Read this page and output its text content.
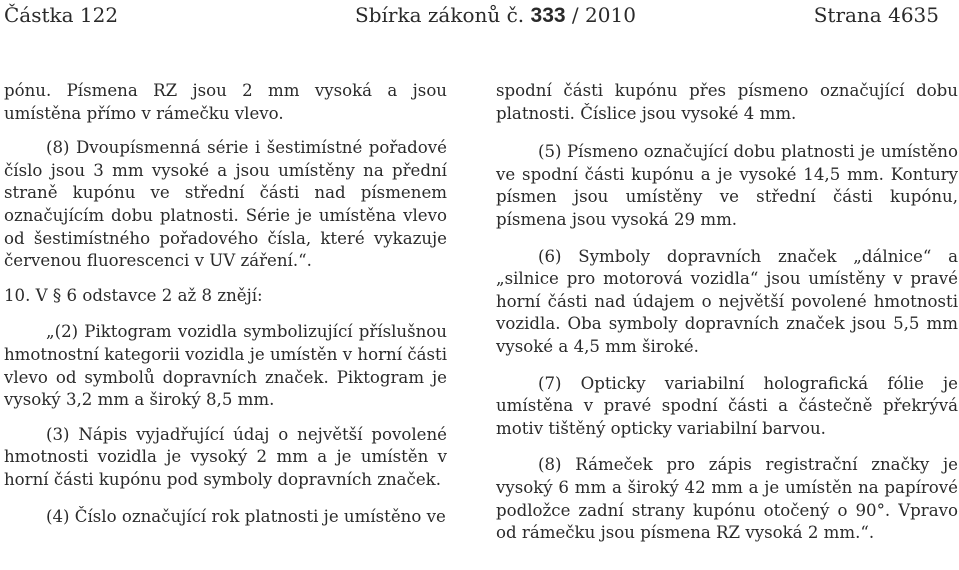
Částka 122	Sbírka zákonů č. 333 / 2010	Strana 4635

pónu. Písmena RZ jsou 2 mm vysoká a jsou umístěna přímo v rámečku vlevo.

(8) Dvoupísmenná série i šestimístné pořadové číslo jsou 3 mm vysoké a jsou umístěny na přední straně kupónu ve střední části nad písmenem označujícím dobu platnosti. Série je umístěna vlevo od šestimístného pořadového čísla, které vykazuje červenou fluorescenci v UV záření.“.

10. V § 6 odstavce 2 až 8 znějí:

„(2) Piktogram vozidla symbolizující příslušnou hmotnostní kategorii vozidla je umístěn v horní části vlevo od symbolů dopravních značek. Piktogram je vysoký 3,2 mm a široký 8,5 mm.

(3) Nápis vyjadřující údaj o největší povolené hmotnosti vozidla je vysoký 2 mm a je umístěn v horní části kupónu pod symboly dopravních značek.

(4) Číslo označující rok platnosti je umístěno ve

spodní části kupónu přes písmeno označující dobu platnosti. Číslice jsou vysoké 4 mm.

(5) Písmeno označující dobu platnosti je umístěno ve spodní části kupónu a je vysoké 14,5 mm. Kontury písmen jsou umístěny ve střední části kupónu, písmena jsou vysoká 29 mm.

(6) Symboly dopravních značek „dálnice“ a „silnice pro motorová vozidla“ jsou umístěny v pravé horní části nad údajem o největší povolené hmotnosti vozidla. Oba symboly dopravních značek jsou 5,5 mm vysoké a 4,5 mm široké.

(7) Opticky variabilní holografická fólie je umístěna v pravé spodní části a částečně překrývá motiv tištěný opticky variabilní barvou.

(8) Rámeček pro zápis registrační značky je vysoký 6 mm a široký 42 mm a je umístěn na papírové podložce zadní strany kupónu otočený o 90°. Vpravo od rámečku jsou písmena RZ vysoká 2 mm.“.
